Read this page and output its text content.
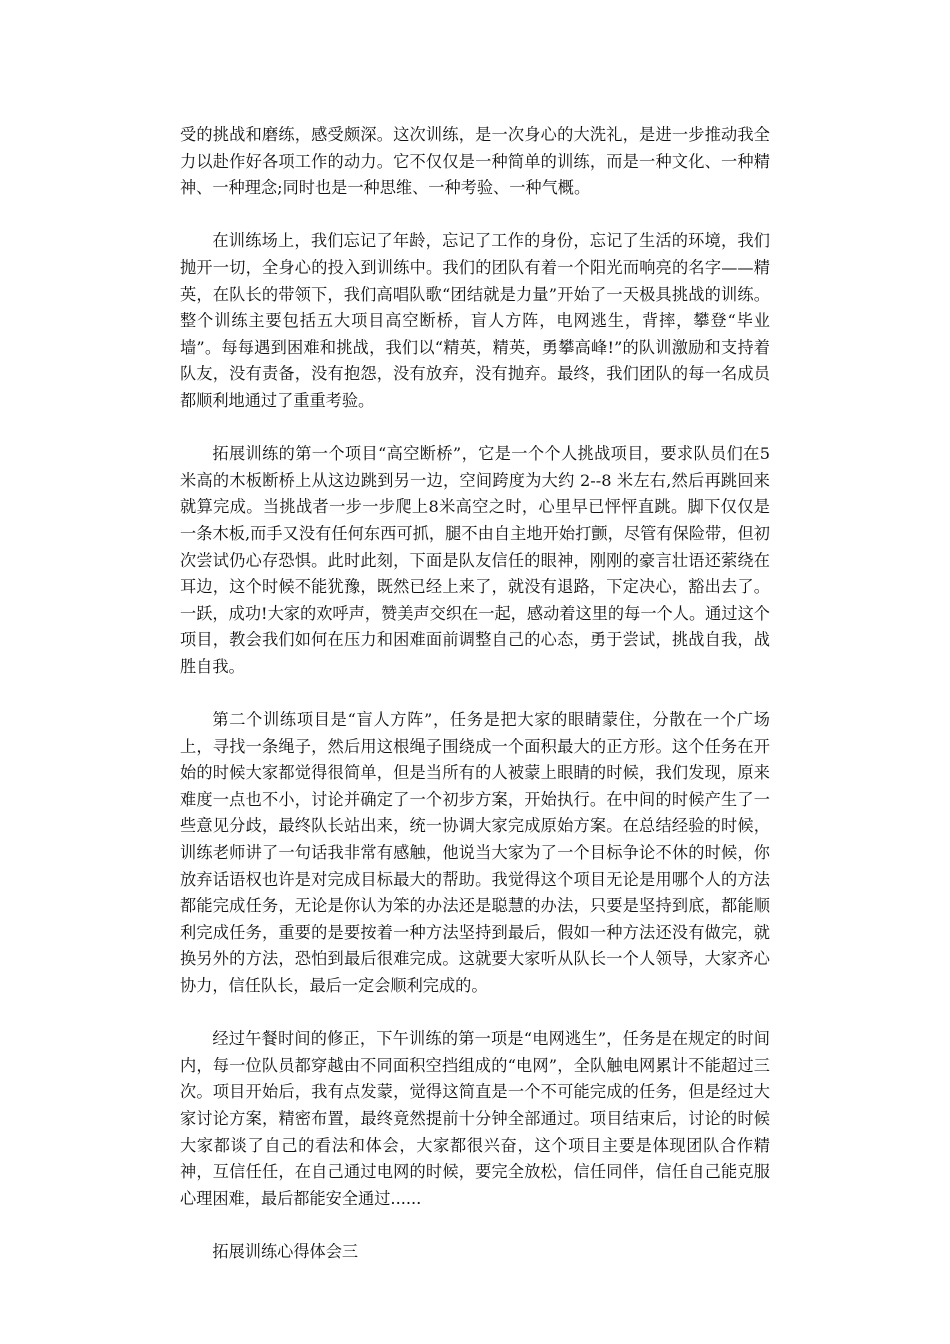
受的挑战和磨练，感受颇深。这次训练，是一次身心的大洗礼，是进一步推动我全力以赴作好各项工作的动力。它不仅仅是一种简单的训练，而是一种文化、一种精神、一种理念;同时也是一种思维、一种考验、一种气概。

在训练场上，我们忘记了年龄，忘记了工作的身份，忘记了生活的环境，我们抛开一切，全身心的投入到训练中。我们的团队有着一个阳光而响亮的名字——精英，在队长的带领下，我们高唱队歌“团结就是力量”开始了一天极具挑战的训练。整个训练主要包括五大项目高空断桥，盲人方阵，电网逃生，背摔，攀登“毕业墙”。每每遇到困难和挑战，我们以“精英，精英，勇攀高峰!”的队训激励和支持着队友，没有责备，没有抱怨，没有放弃，没有抛弃。最终，我们团队的每一名成员都顺利地通过了重重考验。

拓展训练的第一个项目“高空断桥”，它是一个个人挑战项目，要求队员们在5米高的木板断桥上从这边跳到另一边，空间跨度为大约 2--8 米左右,然后再跳回来就算完成。当挑战者一步一步爬上8米高空之时，心里早已怦怦直跳。脚下仅仅是一条木板,而手又没有任何东西可抓，腿不由自主地开始打颤，尽管有保险带，但初次尝试仍心存恐惧。此时此刻，下面是队友信任的眼神，刚刚的豪言壮语还萦绕在耳边，这个时候不能犹豫，既然已经上来了，就没有退路，下定决心，豁出去了。一跃，成功!大家的欢呼声，赞美声交织在一起，感动着这里的每一个人。通过这个项目，教会我们如何在压力和困难面前调整自己的心态，勇于尝试，挑战自我，战胜自我。

第二个训练项目是“盲人方阵”，任务是把大家的眼睛蒙住，分散在一个广场上，寻找一条绳子，然后用这根绳子围绕成一个面积最大的正方形。这个任务在开始的时候大家都觉得很简单，但是当所有的人被蒙上眼睛的时候，我们发现，原来难度一点也不小，讨论并确定了一个初步方案，开始执行。在中间的时候产生了一些意见分歧，最终队长站出来，统一协调大家完成原始方案。在总结经验的时候，训练老师讲了一句话我非常有感触，他说当大家为了一个目标争论不休的时候，你放弃话语权也许是对完成目标最大的帮助。我觉得这个项目无论是用哪个人的方法都能完成任务，无论是你认为笨的办法还是聪慧的办法，只要是坚持到底，都能顺利完成任务，重要的是要按着一种方法坚持到最后，假如一种方法还没有做完，就换另外的方法，恐怕到最后很难完成。这就要大家听从队长一个人领导，大家齐心协力，信任队长，最后一定会顺利完成的。

经过午餐时间的修正，下午训练的第一项是“电网逃生”，任务是在规定的时间内，每一位队员都穿越由不同面积空挡组成的“电网”，全队触电网累计不能超过三次。项目开始后，我有点发蒙，觉得这简直是一个不可能完成的任务，但是经过大家讨论方案，精密布置，最终竟然提前十分钟全部通过。项目结束后，讨论的时候大家都谈了自己的看法和体会，大家都很兴奋，这个项目主要是体现团队合作精神，互信任任，在自己通过电网的时候，要完全放松，信任同伴，信任自己能克服心理困难，最后都能安全通过......

拓展训练心得体会三
